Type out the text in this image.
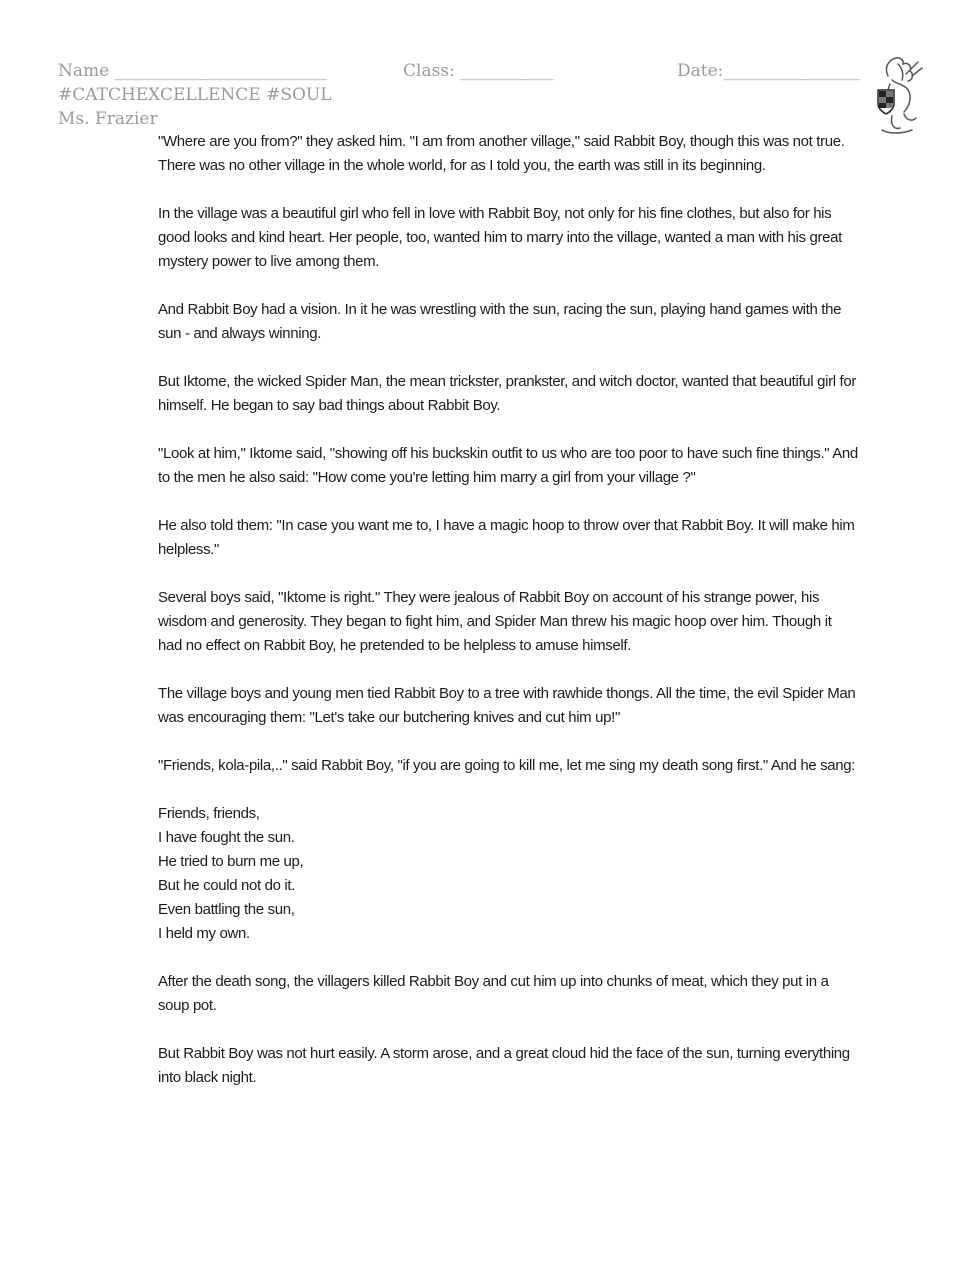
Name _________________________	Class: ___________	Date:________________
#CATCHEXCELLENCE #SOUL
Ms. Frazier

"Where are you from?" they asked him. "I am from another village," said Rabbit Boy, though this was not true. There was no other village in the whole world, for as I told you, the earth was still in its beginning.

In the village was a beautiful girl who fell in love with Rabbit Boy, not only for his fine clothes, but also for his good looks and kind heart. Her people, too, wanted him to marry into the village, wanted a man with his great mystery power to live among them.

And Rabbit Boy had a vision. In it he was wrestling with the sun, racing the sun, playing hand games with the sun - and always winning.

But Iktome, the wicked Spider Man, the mean trickster, prankster, and witch doctor, wanted that beautiful girl for himself. He began to say bad things about Rabbit Boy.

"Look at him," Iktome said, "showing off his buckskin outfit to us who are too poor to have such fine things." And to the men he also said: "How come you're letting him marry a girl from your village ?"

He also told them: "In case you want me to, I have a magic hoop to throw over that Rabbit Boy. It will make him helpless."

Several boys said, "Iktome is right." They were jealous of Rabbit Boy on account of his strange power, his wisdom and generosity. They began to fight him, and Spider Man threw his magic hoop over him. Though it had no effect on Rabbit Boy, he pretended to be helpless to amuse himself.

The village boys and young men tied Rabbit Boy to a tree with rawhide thongs. All the time, the evil Spider Man was encouraging them: "Let's take our butchering knives and cut him up!"

"Friends, kola-pila,.." said Rabbit Boy, "if you are going to kill me, let me sing my death song first." And he sang:

Friends, friends,
I have fought the sun.
He tried to burn me up,
But he could not do it.
Even battling the sun,
I held my own.

After the death song, the villagers killed Rabbit Boy and cut him up into chunks of meat, which they put in a soup pot.

But Rabbit Boy was not hurt easily. A storm arose, and a great cloud hid the face of the sun, turning everything into black night.
